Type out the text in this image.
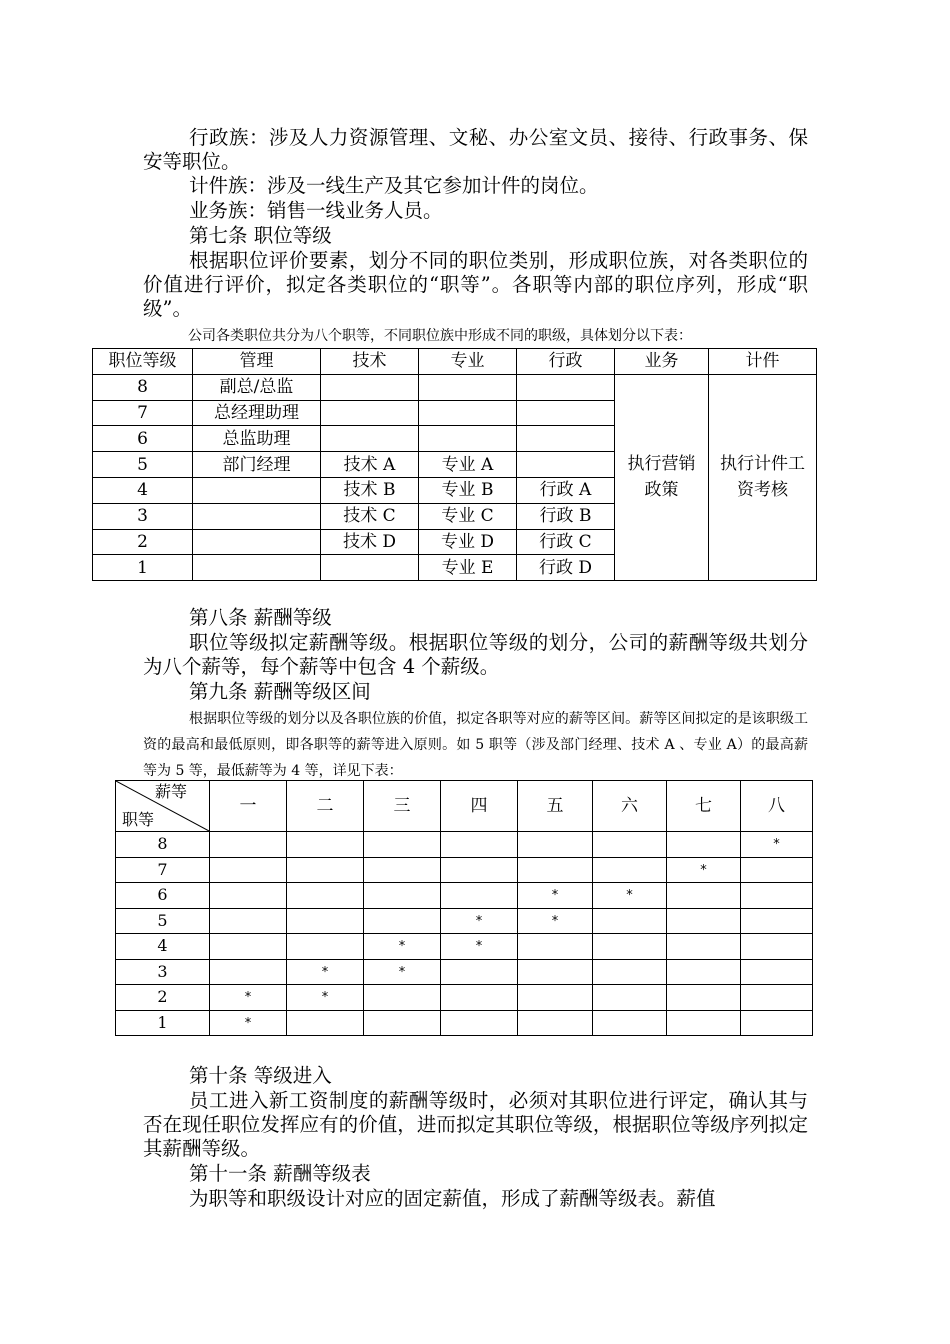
行政族：涉及人力资源管理、文秘、办公室文员、接待、行政事务、保安等职位。

计件族：涉及一线生产及其它参加计件的岗位。

业务族：销售一线业务人员。

第七条 职位等级

根据职位评价要素，划分不同的职位类别，形成职位族，对各类职位的价值进行评价，拟定各类职位的“职等”。各职等内部的职位序列，形成“职级”。

公司各类职位共分为八个职等，不同职位族中形成不同的职级，具体划分以下表：

职位等级	管理	技术	专业	行政	业务	计件
8	副总/总监				执行营销政策	执行计件工资考核
7	总经理助理					
6	总监助理					
5	部门经理	技术 A	专业 A			
4		技术 B	专业 B	行政 A		
3		技术 C	专业 C	行政 B		
2		技术 D	专业 D	行政 C		
1			专业 E	行政 D		

第八条 薪酬等级

职位等级拟定薪酬等级。根据职位等级的划分，公司的薪酬等级共划分为八个薪等，每个薪等中包含 4 个薪级。

第九条 薪酬等级区间

根据职位等级的划分以及各职位族的价值，拟定各职等对应的薪等区间。薪等区间拟定的是该职级工资的最高和最低原则，即各职等的薪等进入原则。如 5 职等（涉及部门经理、技术 A 、专业 A）的最高薪等为 5 等，最低薪等为 4 等，详见下表：

薪等
职等	一	二	三	四	五	六	七	八
8								*
7							*	
6					*	*		
5				*	*			
4			*	*				
3		*	*					
2	*	*						
1	*							

第十条 等级进入

员工进入新工资制度的薪酬等级时，必须对其职位进行评定，确认其与否在现任职位发挥应有的价值，进而拟定其职位等级，根据职位等级序列拟定其薪酬等级。

第十一条 薪酬等级表

为职等和职级设计对应的固定薪值，形成了薪酬等级表。薪值
